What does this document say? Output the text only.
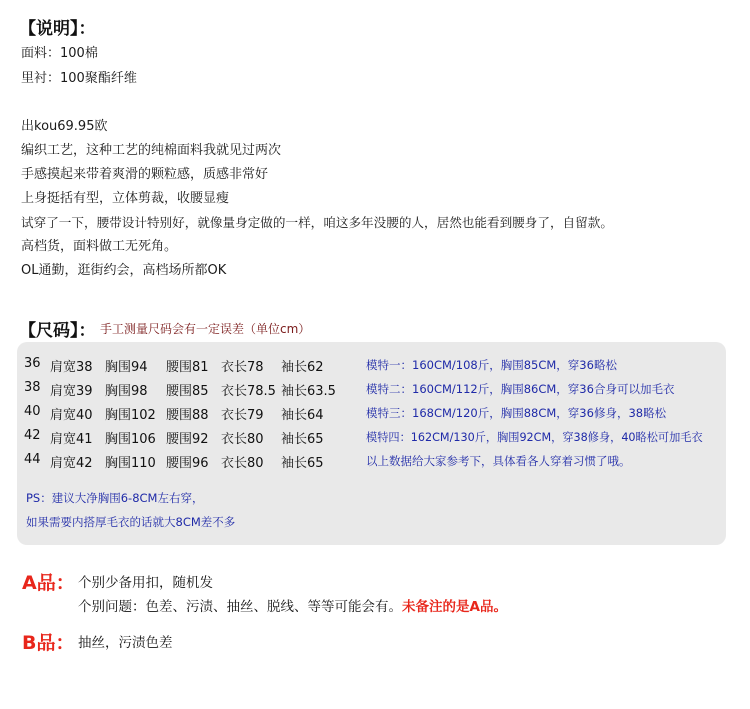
【说明】：
面料：100棉
里衬：100聚酯纤维
出kou69.95欧
编织工艺，这种工艺的纯棉面料我就见过两次
手感摸起来带着爽滑的颗粒感，质感非常好
上身挺括有型，立体剪裁，收腰显瘦
试穿了一下，腰带设计特别好，就像量身定做的一样，咱这多年没腰的人，居然也能看到腰身了，自留款。
高档货，面料做工无死角。
OL通勤，逛街约会，高档场所都OK
【尺码】： 手工测量尺码会有一定误差（单位cm）
36 肩宽38 胸围94 腰围81 衣长78 袖长62
38 肩宽39 胸围98 腰围85 衣长78.5 袖长63.5
40 肩宽40 胸围102 腰围88 衣长79 袖长64
42 肩宽41 胸围106 腰围92 衣长80 袖长65
44 肩宽42 胸围110 腰围96 衣长80 袖长65
模特一：160CM/108斤，胸围85CM，穿36略松
模特二：160CM/112斤，胸围86CM，穿36合身可以加毛衣
模特三：168CM/120斤，胸围88CM，穿36修身，38略松
模特四：162CM/130斤，胸围92CM，穿38修身，40略松可加毛衣
以上数据给大家参考下，具体看各人穿着习惯了哦。
PS：建议大净胸围6-8CM左右穿，
如果需要内搭厚毛衣的话就大8CM差不多
A品： 个别少备用扣，随机发
个别问题：色差、污渍、抽丝、脱线、等等可能会有。未备注的是A品。
B品： 抽丝，污渍色差
